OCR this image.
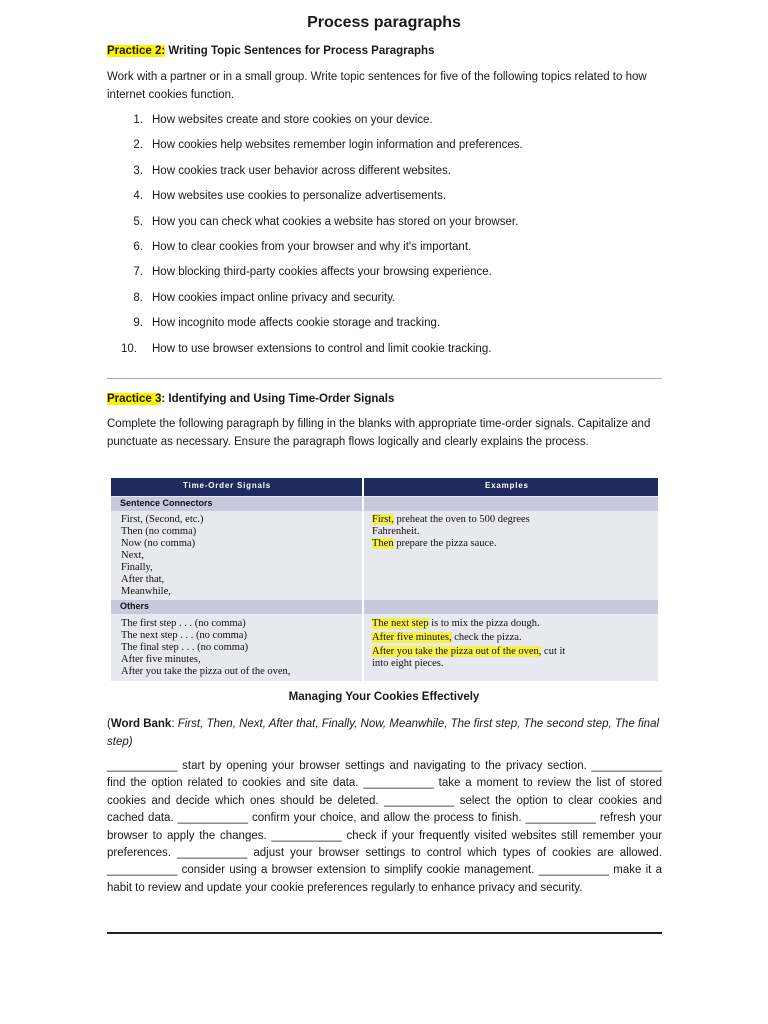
Process paragraphs
Practice 2: Writing Topic Sentences for Process Paragraphs
Work with a partner or in a small group. Write topic sentences for five of the following topics related to how internet cookies function.
1. How websites create and store cookies on your device.
2. How cookies help websites remember login information and preferences.
3. How cookies track user behavior across different websites.
4. How websites use cookies to personalize advertisements.
5. How you can check what cookies a website has stored on your browser.
6. How to clear cookies from your browser and why it's important.
7. How blocking third-party cookies affects your browsing experience.
8. How cookies impact online privacy and security.
9. How incognito mode affects cookie storage and tracking.
10.	How to use browser extensions to control and limit cookie tracking.
Practice 3: Identifying and Using Time-Order Signals
Complete the following paragraph by filling in the blanks with appropriate time-order signals. Capitalize and punctuate as necessary. Ensure the paragraph flows logically and clearly explains the process.
Time-Order Signals	Examples
Sentence Connectors
First, (Second, etc.)
Then (no comma)
Now (no comma)
Next,
Finally,
After that,
Meanwhile,
First, preheat the oven to 500 degrees
Fahrenheit.
Then prepare the pizza sauce.
Others
The first step . . . (no comma)
The next step . . . (no comma)
The final step . . . (no comma)
After five minutes,
After you take the pizza out of the oven,
The next step is to mix the pizza dough.
After five minutes, check the pizza.
After you take the pizza out of the oven, cut it
into eight pieces.
Managing Your Cookies Effectively
(Word Bank: First, Then, Next, After that, Finally, Now, Meanwhile, The first step, The second step, The final step)
___________ start by opening your browser settings and navigating to the privacy section. ___________ find the option related to cookies and site data. ___________ take a moment to review the list of stored cookies and decide which ones should be deleted. ___________ select the option to clear cookies and cached data. ___________ confirm your choice, and allow the process to finish. ___________ refresh your browser to apply the changes. ___________ check if your frequently visited websites still remember your preferences. ___________ adjust your browser settings to control which types of cookies are allowed. ___________ consider using a browser extension to simplify cookie management. ___________ make it a habit to review and update your cookie preferences regularly to enhance privacy and security.
